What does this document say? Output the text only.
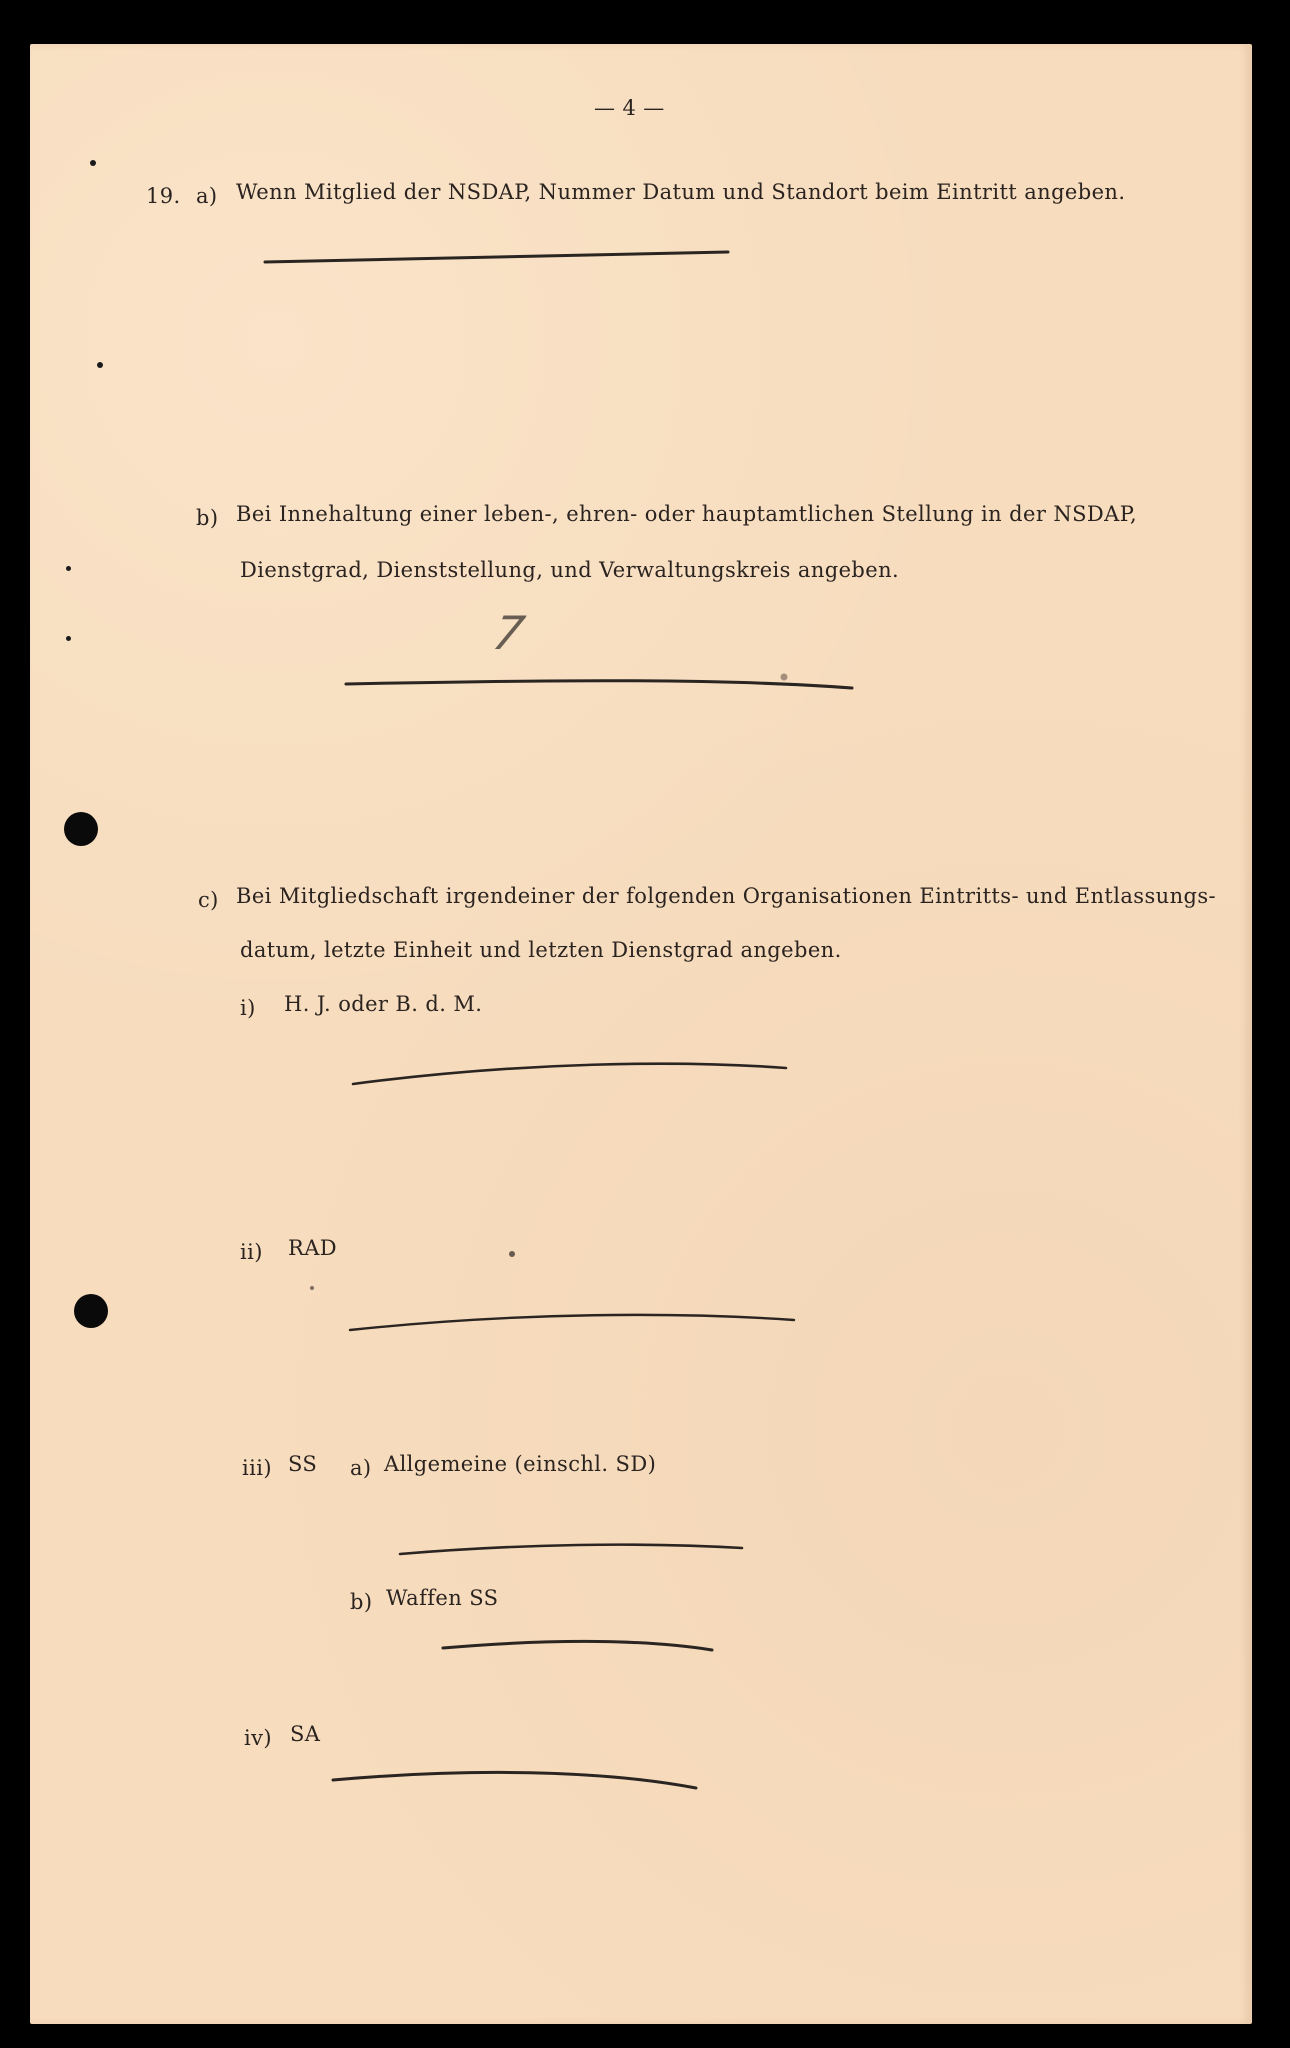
— 4 —
19. a) Wenn Mitglied der NSDAP, Nummer Datum und Standort beim Eintritt angeben.
b) Bei Innehaltung einer leben-, ehren- oder hauptamtlichen Stellung in der NSDAP,
Dienstgrad, Dienststellung, und Verwaltungskreis angeben.
7
c) Bei Mitgliedschaft irgendeiner der folgenden Organisationen Eintritts- und Entlassungs-
datum, letzte Einheit und letzten Dienstgrad angeben.
i) H. J. oder B. d. M.
ii) RAD
iii) SS a) Allgemeine (einschl. SD)
b) Waffen SS
iv) SA
